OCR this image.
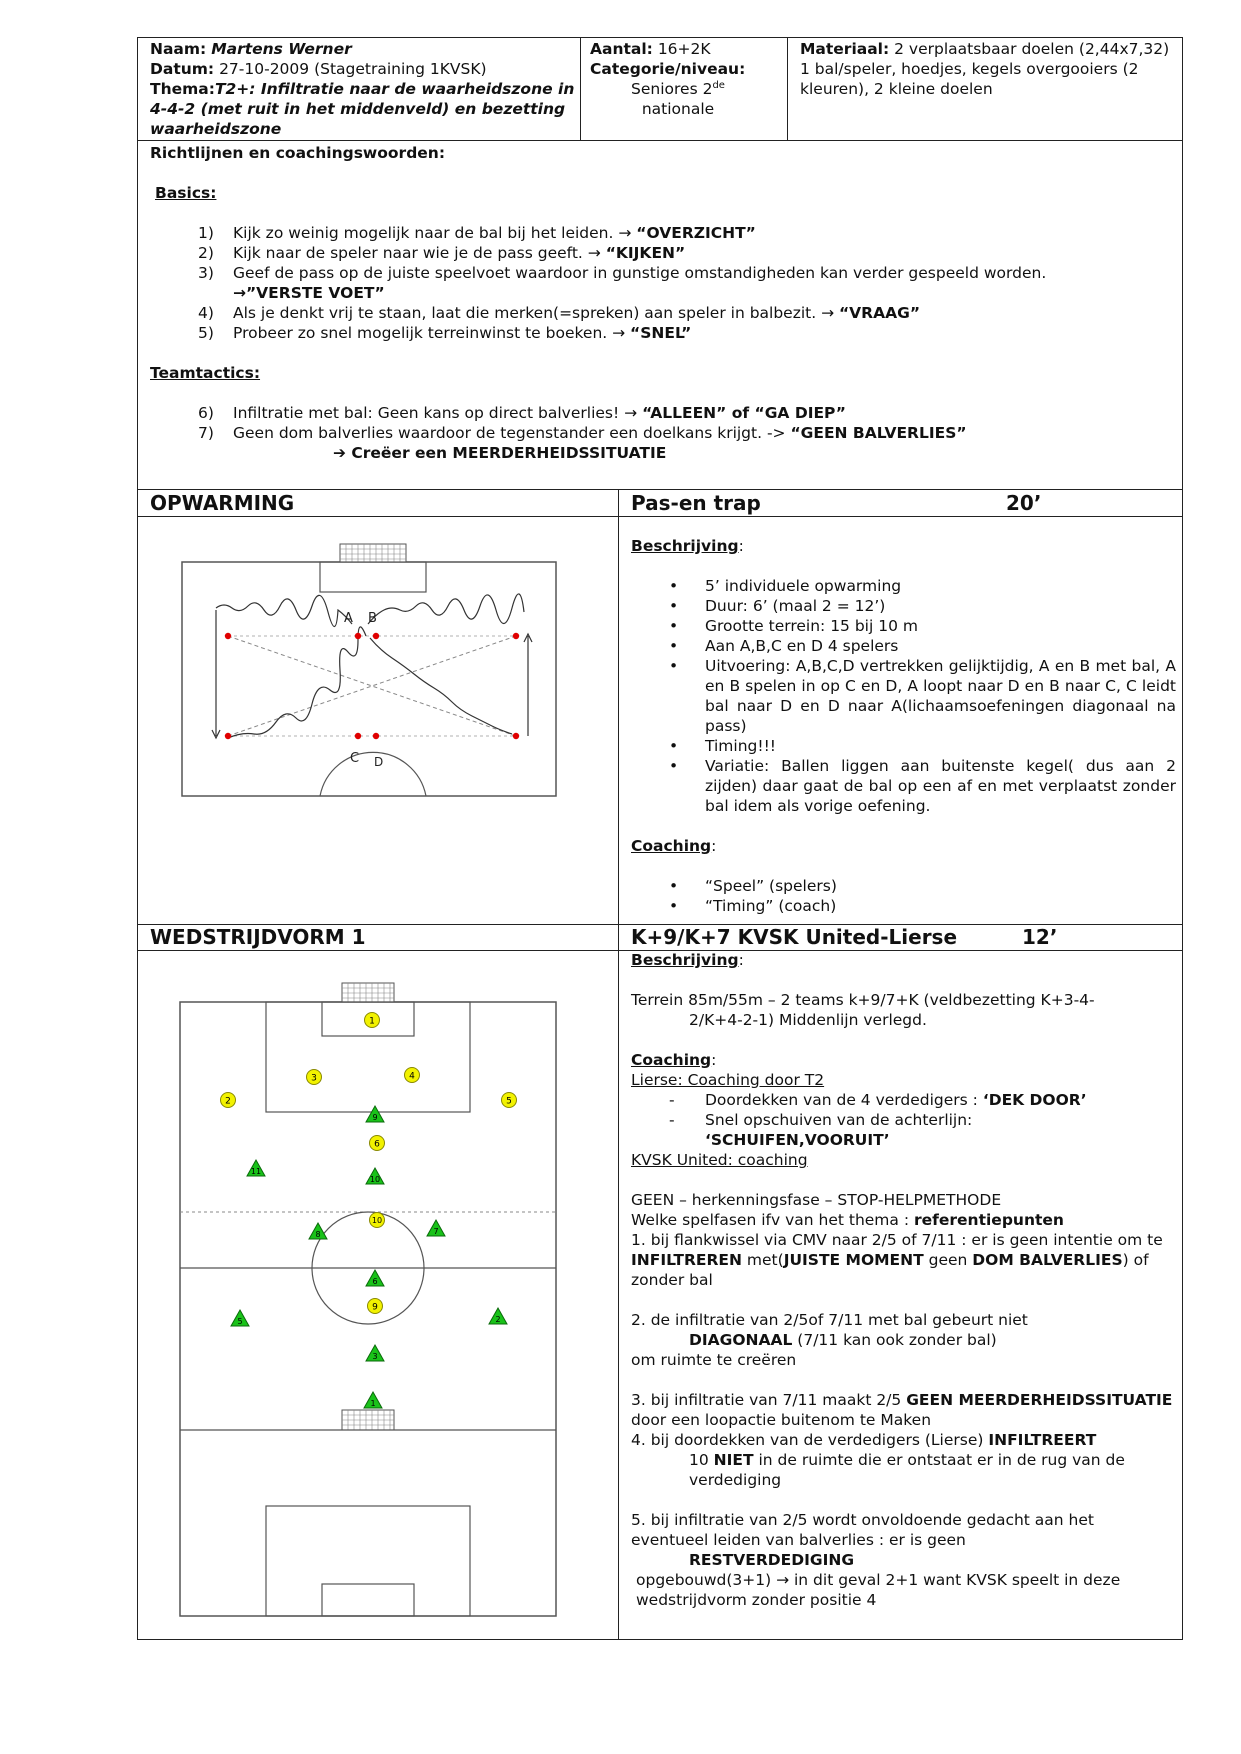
Naam: Martens Werner

Datum: 27-10-2009 (Stagetraining 1KVSK)

Thema:T2+: Infiltratie naar de waarheidszone in 4-4-2 (met ruit in het middenveld) en bezetting waarheidszone

Aantal: 16+2K

Categorie/niveau:

Seniores 2de

nationale

Materiaal: 2 verplaatsbaar doelen (2,44x7,32) 1 bal/speler, hoedjes, kegels overgooiers (2 kleuren), 2 kleine doelen

Richtlijnen en coachingswoorden:

Basics:

1) Kijk zo weinig mogelijk naar de bal bij het leiden. → “OVERZICHT”
2) Kijk naar de speler naar wie je de pass geeft. → “KIJKEN”
3) Geef de pass op de juiste speelvoet waardoor in gunstige omstandigheden kan verder gespeeld worden.
→”VERSTE VOET”
4) Als je denkt vrij te staan, laat die merken(=spreken) aan speler in balbezit. → “VRAAG”
5) Probeer zo snel mogelijk terreinwinst te boeken. → “SNEL”

Teamtactics:

6) Infiltratie met bal: Geen kans op direct balverlies! → “ALLEEN” of “GA DIEP”
7) Geen dom balverlies waardoor de tegenstander een doelkans krijgt. -> “GEEN BALVERLIES”

➔ Creëer een MEERDERHEIDSSITUATIE

OPWARMING	Pas-en trap	20’
A B
C D

Beschrijving:

• 5’ individuele opwarming
• Duur: 6’ (maal 2 = 12’)
• Grootte terrein: 15 bij 10 m
• Aan A,B,C en D 4 spelers
• Uitvoering: A,B,C,D vertrekken gelijktijdig, A en B met bal, A en B spelen in op C en D, A loopt naar D en B naar C, C leidt bal naar D en D naar A(lichaamsoefeningen diagonaal na pass)
• Timing!!!
• Variatie: Ballen liggen aan buitenste kegel( dus aan 2 zijden) daar gaat de bal op een af en met verplaatst zonder bal idem als vorige oefening.

Coaching:

• “Speel” (spelers)
• “Timing” (coach)
WEDSTRIJDVORM 1	K+9/K+7 KVSK United-Lierse	12’
1
3	4
2	5
6
10
9
9
11
10
8	7
6
5	2
3
1

Beschrijving:

Terrein 85m/55m – 2 teams k+9/7+K (veldbezetting K+3-4-

2/K+4-2-1) Middenlijn verlegd.

Coaching:

Lierse: Coaching door T2

- Doordekken van de 4 verdedigers : ‘DEK DOOR’
- Snel opschuiven van de achterlijn:
‘SCHUIFEN,VOORUIT’

KVSK United: coaching

GEEN – herkenningsfase – STOP-HELPMETHODE

Welke spelfasen ifv van het thema : referentiepunten

1. bij flankwissel via CMV naar 2/5 of 7/11 : er is geen intentie om te INFILTREREN met(JUISTE MOMENT geen DOM BALVERLIES) of zonder bal

2. de infiltratie van 2/5of 7/11 met bal gebeurt niet

DIAGONAAL (7/11 kan ook zonder bal)

om ruimte te creëren

3. bij infiltratie van 7/11 maakt 2/5 GEEN MEERDERHEIDSSITUATIE door een loopactie buitenom te Maken

4. bij doordekken van de verdedigers (Lierse) INFILTREERT

10 NIET in de ruimte die er ontstaat er in de rug van de verdediging

5. bij infiltratie van 2/5 wordt onvoldoende gedacht aan het eventueel leiden van balverlies : er is geen

RESTVERDEDIGING

opgebouwd(3+1) → in dit geval 2+1 want KVSK speelt in deze wedstrijdvorm zonder positie 4
